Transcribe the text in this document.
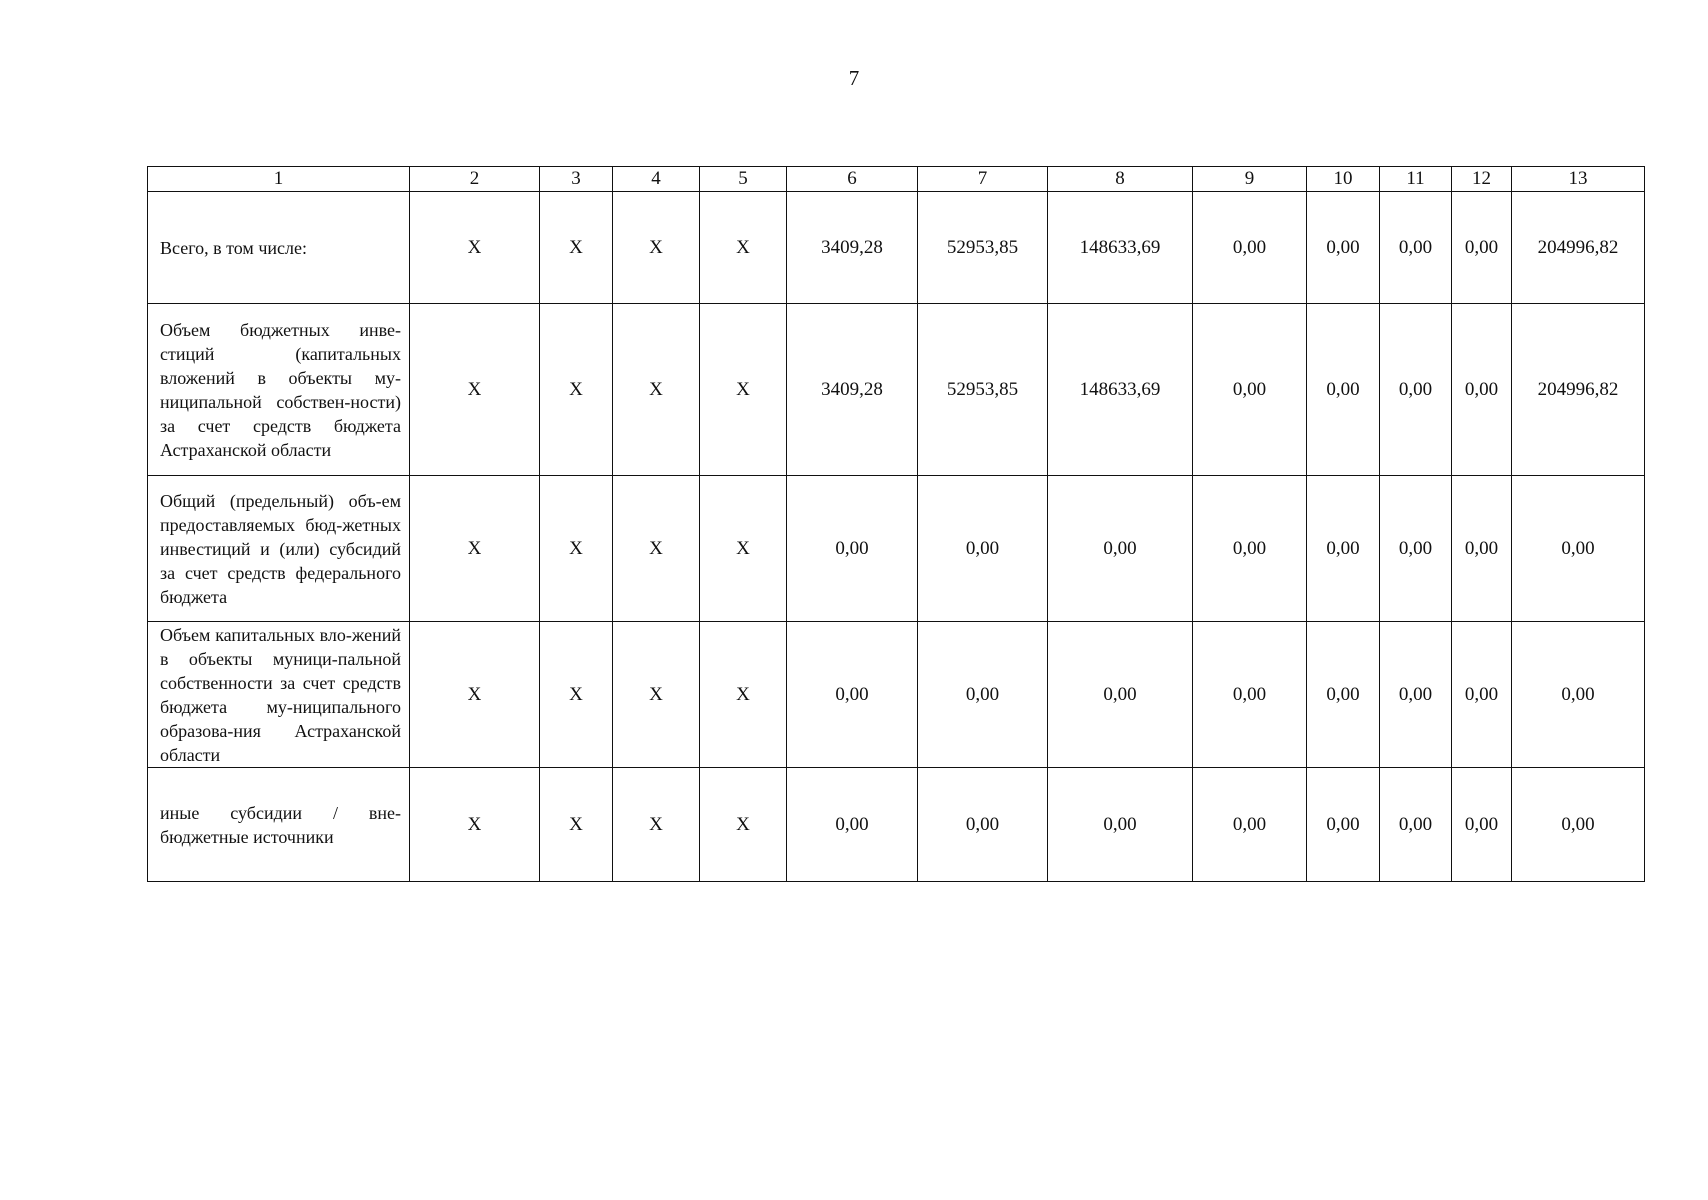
7
1	2	3	4	5	6	7	8	9	10	11	12	13
Всего, в том числе:	X	X	X	X	3409,28	52953,85	148633,69	0,00	0,00	0,00	0,00	204996,82
Объем бюджетных инве-стиций (капитальных вложений в объекты му-ниципальной собствен-ности) за счет средств бюджета Астраханской области	X	X	X	X	3409,28	52953,85	148633,69	0,00	0,00	0,00	0,00	204996,82
Общий (предельный) объ-ем предоставляемых бюд-жетных инвестиций и (или) субсидий за счет средств федерального бюджета	X	X	X	X	0,00	0,00	0,00	0,00	0,00	0,00	0,00	0,00
Объем капитальных вло-жений в объекты муници-пальной собственности за счет средств бюджета му-ниципального образова-ния Астраханской области	X	X	X	X	0,00	0,00	0,00	0,00	0,00	0,00	0,00	0,00
иные субсидии / вне-бюджетные источники	X	X	X	X	0,00	0,00	0,00	0,00	0,00	0,00	0,00	0,00
